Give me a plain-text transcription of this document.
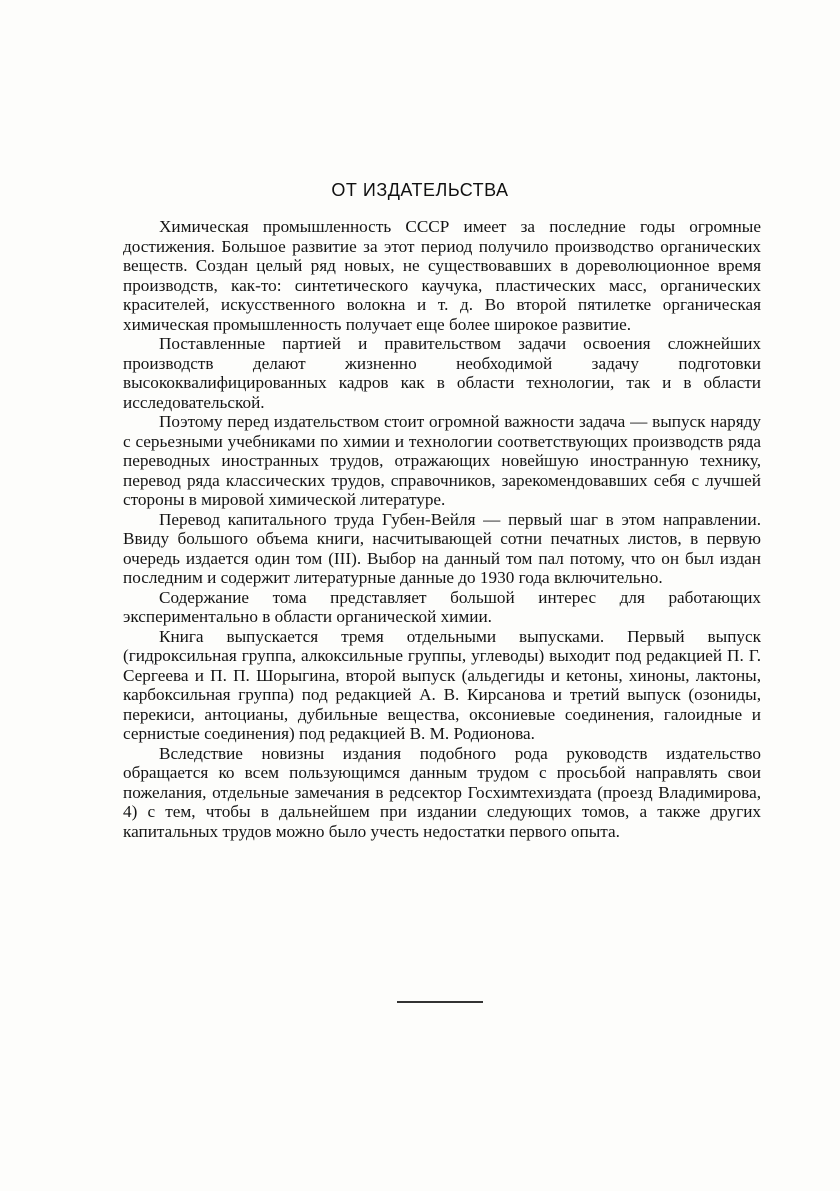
ОТ ИЗДАТЕЛЬСТВА

Химическая промышленность СССР имеет за последние годы огромные достижения. Большое развитие за этот период получило производство органических веществ. Создан целый ряд новых, не существовавших в дореволюционное время производств, как-то: синтетического каучука, пластических масс, органических красителей, искусственного волокна и т. д. Во второй пятилетке органическая химическая промышленность получает еще более широкое развитие.

Поставленные партией и правительством задачи освоения сложнейших производств делают жизненно необходимой задачу подготовки высококвалифицированных кадров как в области технологии, так и в области исследовательской.

Поэтому перед издательством стоит огромной важности задача — выпуск наряду с серьезными учебниками по химии и технологии соответствующих производств ряда переводных иностранных трудов, отражающих новейшую иностранную технику, перевод ряда классических трудов, справочников, зарекомендовавших себя с лучшей стороны в мировой химической литературе.

Перевод капитального труда Губен-Вейля — первый шаг в этом направлении. Ввиду большого объема книги, насчитывающей сотни печатных листов, в первую очередь издается один том (III). Выбор на данный том пал потому, что он был издан последним и содержит литературные данные до 1930 года включительно.

Содержание тома представляет большой интерес для работающих экспериментально в области органической химии.

Книга выпускается тремя отдельными выпусками. Первый выпуск (гидроксильная группа, алкоксильные группы, углеводы) выходит под редакцией П. Г. Сергеева и П. П. Шорыгина, второй выпуск (альдегиды и кетоны, хиноны, лактоны, карбоксильная группа) под редакцией А. В. Кирсанова и третий выпуск (озониды, перекиси, антоцианы, дубильные вещества, оксониевые соединения, галоидные и сернистые соединения) под редакцией В. М. Родионова.

Вследствие новизны издания подобного рода руководств издательство обращается ко всем пользующимся данным трудом с просьбой направлять свои пожелания, отдельные замечания в редсектор Госхимтехиздата (проезд Владимирова, 4) с тем, чтобы в дальнейшем при издании следующих томов, а также других капитальных трудов можно было учесть недостатки первого опыта.
